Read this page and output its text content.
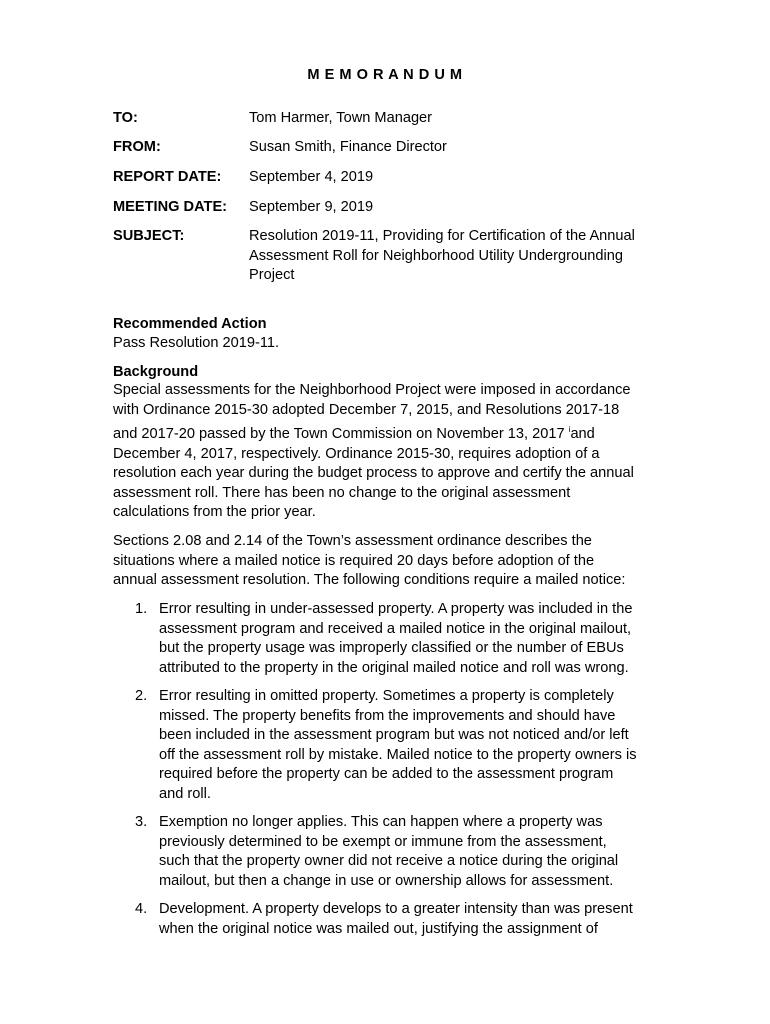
M E M O R A N D U M
TO:	Tom Harmer, Town Manager
FROM:	Susan Smith, Finance Director
REPORT DATE: September 4, 2019
MEETING DATE: September 9, 2019
SUBJECT:	Resolution 2019-11, Providing for Certification of the Annual
Assessment Roll for Neighborhood Utility Undergrounding
Project
Recommended Action
Pass Resolution 2019-11.
Background
Special assessments for the Neighborhood Project were imposed in accordance
with Ordinance 2015-30 adopted December 7, 2015, and Resolutions 2017-18
and 2017-20 passed by the Town Commission on November 13, 2017 $^i$and
December 4, 2017, respectively. Ordinance 2015-30, requires adoption of a
resolution each year during the budget process to approve and certify the annual
assessment roll. There has been no change to the original assessment
calculations from the prior year.
Sections 2.08 and 2.14 of the Town’s assessment ordinance describes the
situations where a mailed notice is required 20 days before adoption of the
annual assessment resolution. The following conditions require a mailed notice:
1. Error resulting in under-assessed property. A property was included in the
assessment program and received a mailed notice in the original mailout,
but the property usage was improperly classified or the number of EBUs
attributed to the property in the original mailed notice and roll was wrong.
2. Error resulting in omitted property. Sometimes a property is completely
missed. The property benefits from the improvements and should have
been included in the assessment program but was not noticed and/or left
off the assessment roll by mistake. Mailed notice to the property owners is
required before the property can be added to the assessment program
and roll.
3. Exemption no longer applies. This can happen where a property was
previously determined to be exempt or immune from the assessment,
such that the property owner did not receive a notice during the original
mailout, but then a change in use or ownership allows for assessment.
4. Development. A property develops to a greater intensity than was present
when the original notice was mailed out, justifying the assignment of
